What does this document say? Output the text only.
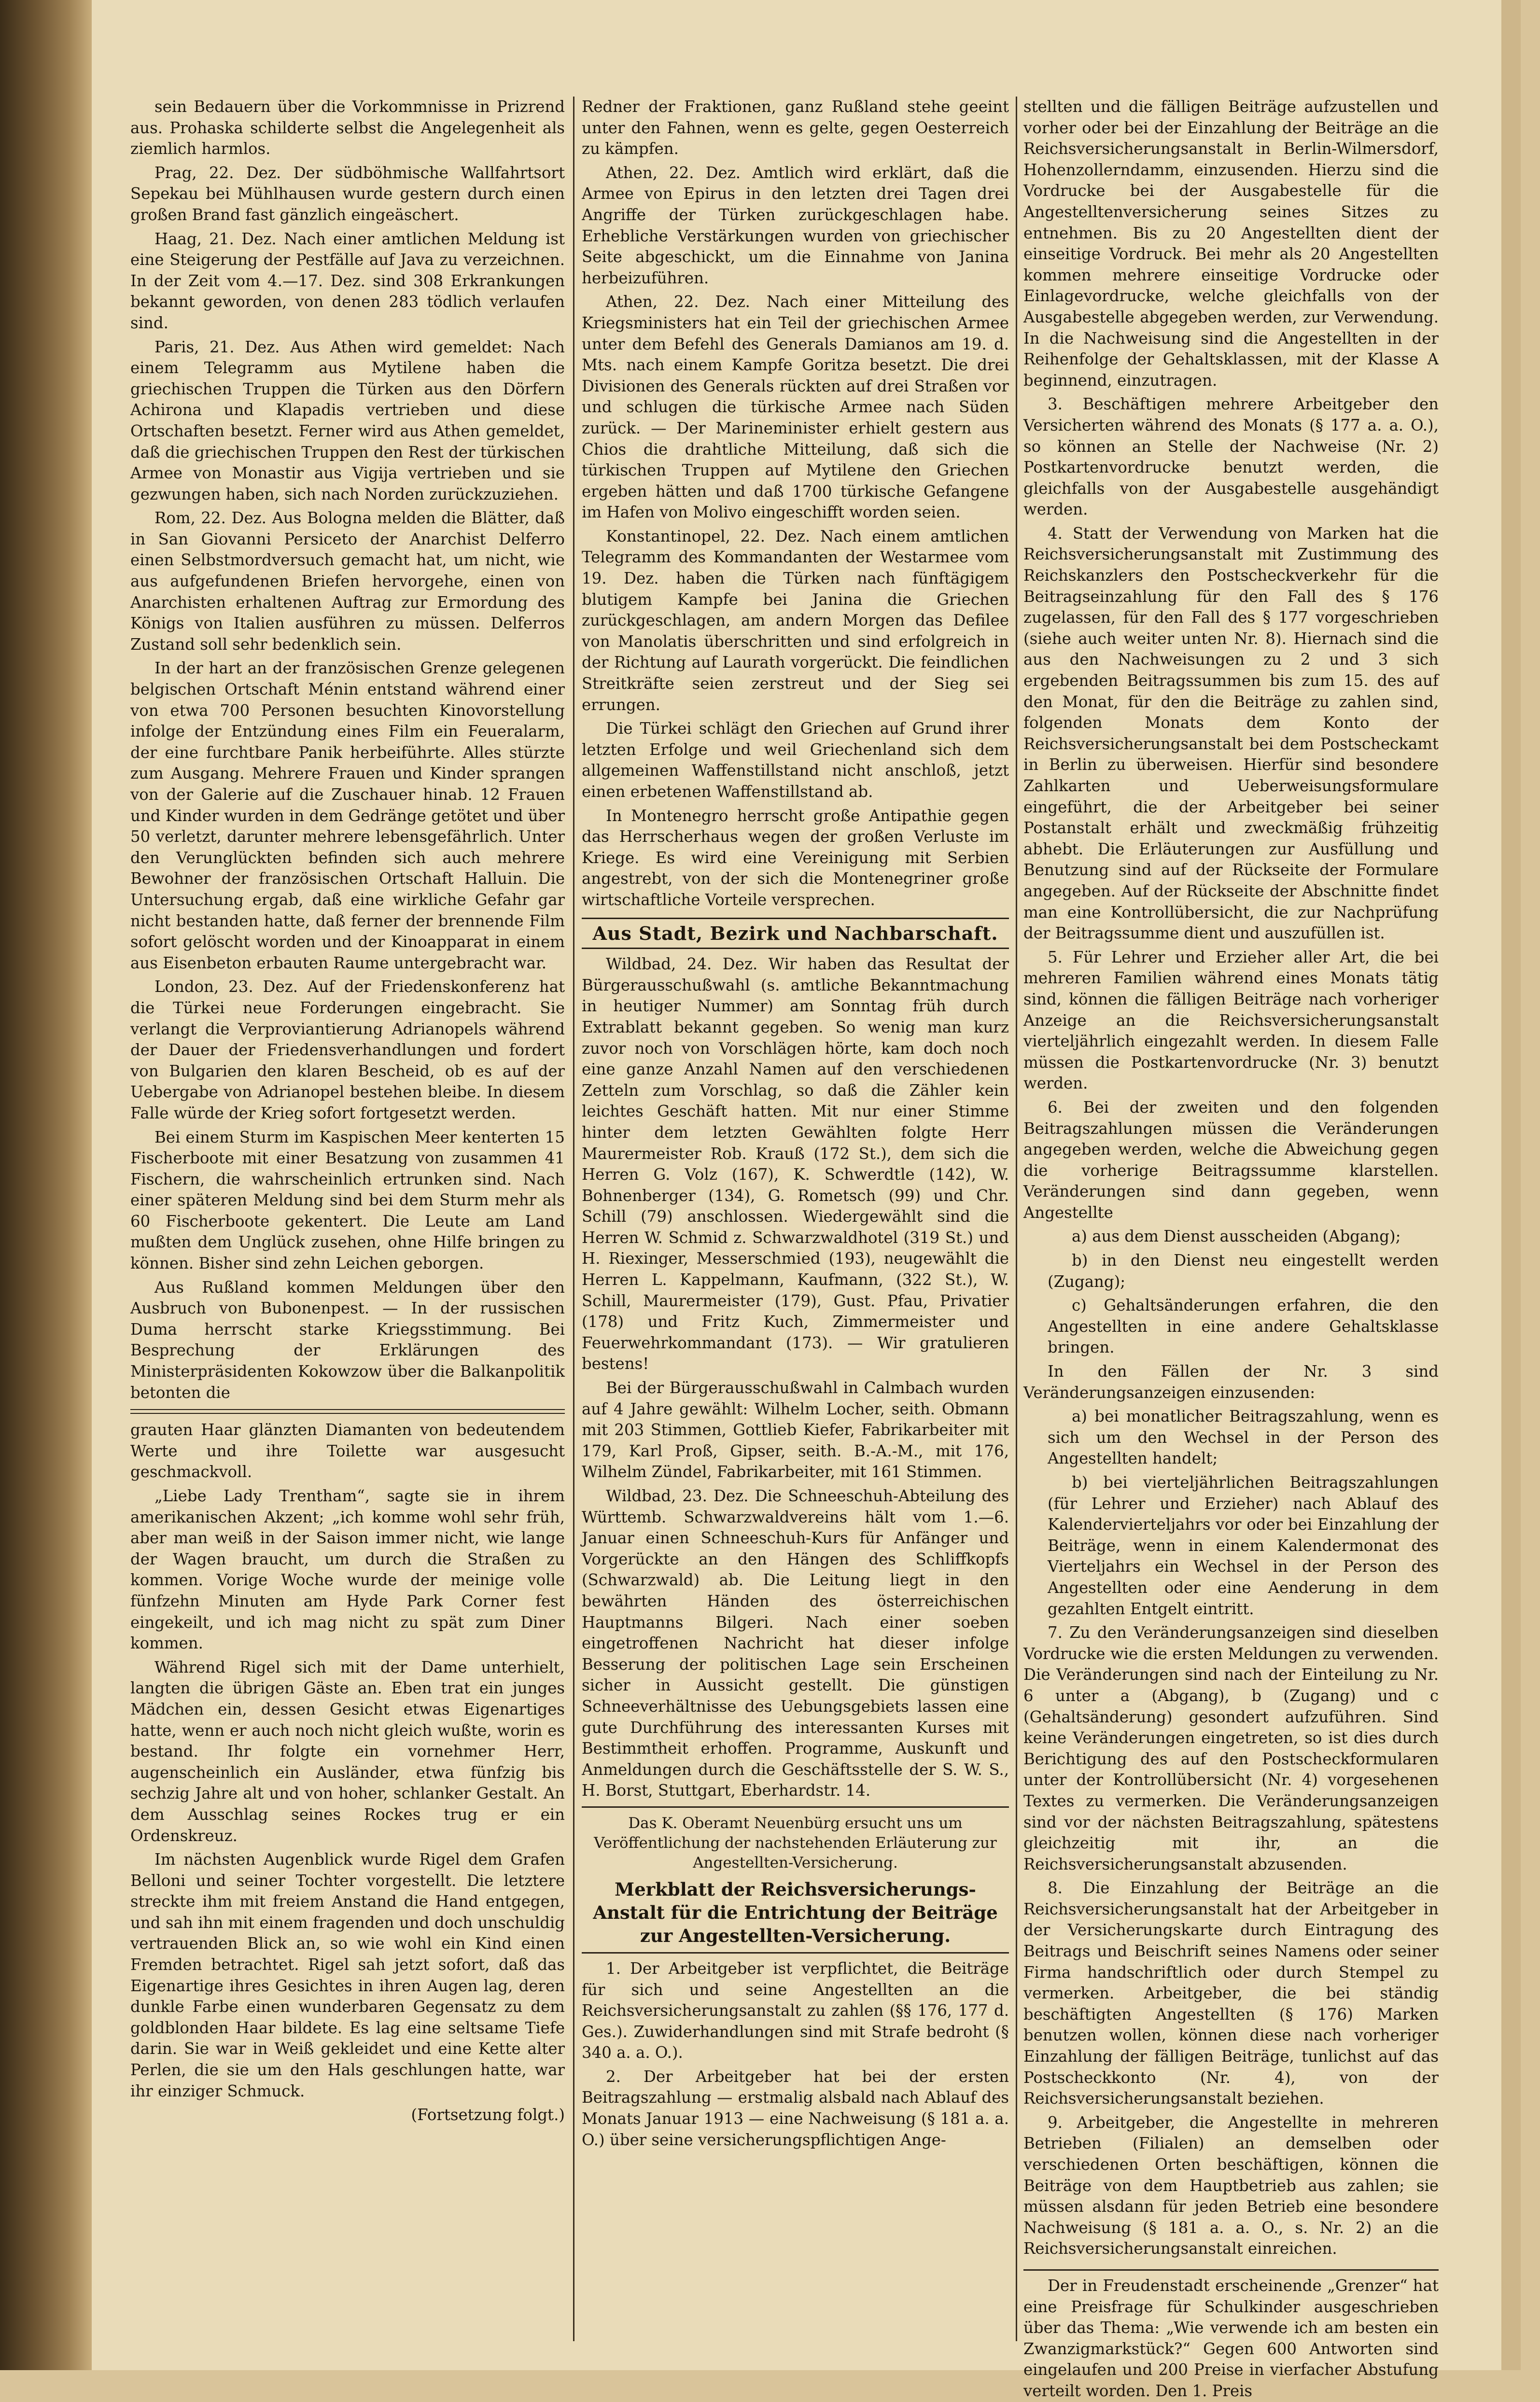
sein Bedauern über die Vorkommnisse in Prizrend aus. Prohaska schilderte selbst die Angelegenheit als ziemlich harmlos.

Prag, 22. Dez. Der südböhmische Wallfahrtsort Sepekau bei Mühlhausen wurde gestern durch einen großen Brand fast gänzlich eingeäschert.

Haag, 21. Dez. Nach einer amtlichen Meldung ist eine Steigerung der Pestfälle auf Java zu verzeichnen. In der Zeit vom 4.—17. Dez. sind 308 Erkrankungen bekannt geworden, von denen 283 tödlich verlaufen sind.

Paris, 21. Dez. Aus Athen wird gemeldet: Nach einem Telegramm aus Mytilene haben die griechischen Truppen die Türken aus den Dörfern Achirona und Klapadis vertrieben und diese Ortschaften besetzt. Ferner wird aus Athen gemeldet, daß die griechischen Truppen den Rest der türkischen Armee von Monastir aus Vigija vertrieben und sie gezwungen haben, sich nach Norden zurückzuziehen.

Rom, 22. Dez. Aus Bologna melden die Blätter, daß in San Giovanni Persiceto der Anarchist Delferro einen Selbstmordversuch gemacht hat, um nicht, wie aus aufgefundenen Briefen hervorgehe, einen von Anarchisten erhaltenen Auftrag zur Ermordung des Königs von Italien ausführen zu müssen. Delferros Zustand soll sehr bedenklich sein.

In der hart an der französischen Grenze gelegenen belgischen Ortschaft Ménin entstand während einer von etwa 700 Personen besuchten Kinovorstellung infolge der Entzündung eines Film ein Feueralarm, der eine furchtbare Panik herbeiführte. Alles stürzte zum Ausgang. Mehrere Frauen und Kinder sprangen von der Galerie auf die Zuschauer hinab. 12 Frauen und Kinder wurden in dem Gedränge getötet und über 50 verletzt, darunter mehrere lebensgefährlich. Unter den Verunglückten befinden sich auch mehrere Bewohner der französischen Ortschaft Halluin. Die Untersuchung ergab, daß eine wirkliche Gefahr gar nicht bestanden hatte, daß ferner der brennende Film sofort gelöscht worden und der Kinoapparat in einem aus Eisenbeton erbauten Raume untergebracht war.

London, 23. Dez. Auf der Friedenskonferenz hat die Türkei neue Forderungen eingebracht. Sie verlangt die Verproviantierung Adrianopels während der Dauer der Friedensverhandlungen und fordert von Bulgarien den klaren Bescheid, ob es auf der Uebergabe von Adrianopel bestehen bleibe. In diesem Falle würde der Krieg sofort fortgesetzt werden.

Bei einem Sturm im Kaspischen Meer kenterten 15 Fischerboote mit einer Besatzung von zusammen 41 Fischern, die wahrscheinlich ertrunken sind. Nach einer späteren Meldung sind bei dem Sturm mehr als 60 Fischerboote gekentert. Die Leute am Land mußten dem Unglück zusehen, ohne Hilfe bringen zu können. Bisher sind zehn Leichen geborgen.

Aus Rußland kommen Meldungen über den Ausbruch von Bubonenpest. — In der russischen Duma herrscht starke Kriegsstimmung. Bei Besprechung der Erklärungen des Ministerpräsidenten Kokowzow über die Balkanpolitik betonten die

grauten Haar glänzten Diamanten von bedeutendem Werte und ihre Toilette war ausgesucht geschmackvoll.

„Liebe Lady Trentham“, sagte sie in ihrem amerikanischen Akzent; „ich komme wohl sehr früh, aber man weiß in der Saison immer nicht, wie lange der Wagen braucht, um durch die Straßen zu kommen. Vorige Woche wurde der meinige volle fünfzehn Minuten am Hyde Park Corner fest eingekeilt, und ich mag nicht zu spät zum Diner kommen.

Während Rigel sich mit der Dame unterhielt, langten die übrigen Gäste an. Eben trat ein junges Mädchen ein, dessen Gesicht etwas Eigenartiges hatte, wenn er auch noch nicht gleich wußte, worin es bestand. Ihr folgte ein vornehmer Herr, augenscheinlich ein Ausländer, etwa fünfzig bis sechzig Jahre alt und von hoher, schlanker Gestalt. An dem Ausschlag seines Rockes trug er ein Ordenskreuz.

Im nächsten Augenblick wurde Rigel dem Grafen Belloni und seiner Tochter vorgestellt. Die letztere streckte ihm mit freiem Anstand die Hand entgegen, und sah ihn mit einem fragenden und doch unschuldig vertrauenden Blick an, so wie wohl ein Kind einen Fremden betrachtet. Rigel sah jetzt sofort, daß das Eigenartige ihres Gesichtes in ihren Augen lag, deren dunkle Farbe einen wunderbaren Gegensatz zu dem goldblonden Haar bildete. Es lag eine seltsame Tiefe darin. Sie war in Weiß gekleidet und eine Kette alter Perlen, die sie um den Hals geschlungen hatte, war ihr einziger Schmuck.

(Fortsetzung folgt.)

Redner der Fraktionen, ganz Rußland stehe geeint unter den Fahnen, wenn es gelte, gegen Oesterreich zu kämpfen.

Athen, 22. Dez. Amtlich wird erklärt, daß die Armee von Epirus in den letzten drei Tagen drei Angriffe der Türken zurückgeschlagen habe. Erhebliche Verstärkungen wurden von griechischer Seite abgeschickt, um die Einnahme von Janina herbeizuführen.

Athen, 22. Dez. Nach einer Mitteilung des Kriegsministers hat ein Teil der griechischen Armee unter dem Befehl des Generals Damianos am 19. d. Mts. nach einem Kampfe Goritza besetzt. Die drei Divisionen des Generals rückten auf drei Straßen vor und schlugen die türkische Armee nach Süden zurück. — Der Marineminister erhielt gestern aus Chios die drahtliche Mitteilung, daß sich die türkischen Truppen auf Mytilene den Griechen ergeben hätten und daß 1700 türkische Gefangene im Hafen von Molivo eingeschifft worden seien.

Konstantinopel, 22. Dez. Nach einem amtlichen Telegramm des Kommandanten der Westarmee vom 19. Dez. haben die Türken nach fünftägigem blutigem Kampfe bei Janina die Griechen zurückgeschlagen, am andern Morgen das Defilee von Manolatis überschritten und sind erfolgreich in der Richtung auf Laurath vorgerückt. Die feindlichen Streitkräfte seien zerstreut und der Sieg sei errungen.

Die Türkei schlägt den Griechen auf Grund ihrer letzten Erfolge und weil Griechenland sich dem allgemeinen Waffenstillstand nicht anschloß, jetzt einen erbetenen Waffenstillstand ab.

In Montenegro herrscht große Antipathie gegen das Herrscherhaus wegen der großen Verluste im Kriege. Es wird eine Vereinigung mit Serbien angestrebt, von der sich die Montenegriner große wirtschaftliche Vorteile versprechen.

Aus Stadt, Bezirk und Nachbarschaft.

Wildbad, 24. Dez. Wir haben das Resultat der Bürgerausschußwahl (s. amtliche Bekanntmachung in heutiger Nummer) am Sonntag früh durch Extrablatt bekannt gegeben. So wenig man kurz zuvor noch von Vorschlägen hörte, kam doch noch eine ganze Anzahl Namen auf den verschiedenen Zetteln zum Vorschlag, so daß die Zähler kein leichtes Geschäft hatten. Mit nur einer Stimme hinter dem letzten Gewählten folgte Herr Maurermeister Rob. Krauß (172 St.), dem sich die Herren G. Volz (167), K. Schwerdtle (142), W. Bohnenberger (134), G. Rometsch (99) und Chr. Schill (79) anschlossen. Wiedergewählt sind die Herren W. Schmid z. Schwarzwaldhotel (319 St.) und H. Riexinger, Messerschmied (193), neugewählt die Herren L. Kappelmann, Kaufmann, (322 St.), W. Schill, Maurermeister (179), Gust. Pfau, Privatier (178) und Fritz Kuch, Zimmermeister und Feuerwehrkommandant (173). — Wir gratulieren bestens!

Bei der Bürgerausschußwahl in Calmbach wurden auf 4 Jahre gewählt: Wilhelm Locher, seith. Obmann mit 203 Stimmen, Gottlieb Kiefer, Fabrikarbeiter mit 179, Karl Proß, Gipser, seith. B.-A.-M., mit 176, Wilhelm Zündel, Fabrikarbeiter, mit 161 Stimmen.

Wildbad, 23. Dez. Die Schneeschuh-Abteilung des Württemb. Schwarzwaldvereins hält vom 1.—6. Januar einen Schneeschuh-Kurs für Anfänger und Vorgerückte an den Hängen des Schliffkopfs (Schwarzwald) ab. Die Leitung liegt in den bewährten Händen des österreichischen Hauptmanns Bilgeri. Nach einer soeben eingetroffenen Nachricht hat dieser infolge Besserung der politischen Lage sein Erscheinen sicher in Aussicht gestellt. Die günstigen Schneeverhältnisse des Uebungsgebiets lassen eine gute Durchführung des interessanten Kurses mit Bestimmtheit erhoffen. Programme, Auskunft und Anmeldungen durch die Geschäftsstelle der S. W. S., H. Borst, Stuttgart, Eberhardstr. 14.

Das K. Oberamt Neuenbürg ersucht uns um Veröffentlichung der nachstehenden Erläuterung zur Angestellten-Versicherung.
Merkblatt der Reichsversicherungs-Anstalt für die Entrichtung der Beiträge zur Angestellten-Versicherung.

1. Der Arbeitgeber ist verpflichtet, die Beiträge für sich und seine Angestellten an die Reichsversicherungsanstalt zu zahlen (§§ 176, 177 d. Ges.). Zuwiderhandlungen sind mit Strafe bedroht (§ 340 a. a. O.).

2. Der Arbeitgeber hat bei der ersten Beitragszahlung — erstmalig alsbald nach Ablauf des Monats Januar 1913 — eine Nachweisung (§ 181 a. a. O.) über seine versicherungspflichtigen Ange-

stellten und die fälligen Beiträge aufzustellen und vorher oder bei der Einzahlung der Beiträge an die Reichsversicherungsanstalt in Berlin-Wilmersdorf, Hohenzollerndamm, einzusenden. Hierzu sind die Vordrucke bei der Ausgabestelle für die Angestelltenversicherung seines Sitzes zu entnehmen. Bis zu 20 Angestellten dient der einseitige Vordruck. Bei mehr als 20 Angestellten kommen mehrere einseitige Vordrucke oder Einlagevordrucke, welche gleichfalls von der Ausgabestelle abgegeben werden, zur Verwendung. In die Nachweisung sind die Angestellten in der Reihenfolge der Gehaltsklassen, mit der Klasse A beginnend, einzutragen.

3. Beschäftigen mehrere Arbeitgeber den Versicherten während des Monats (§ 177 a. a. O.), so können an Stelle der Nachweise (Nr. 2) Postkartenvordrucke benutzt werden, die gleichfalls von der Ausgabestelle ausgehändigt werden.

4. Statt der Verwendung von Marken hat die Reichsversicherungsanstalt mit Zustimmung des Reichskanzlers den Postscheckverkehr für die Beitragseinzahlung für den Fall des § 176 zugelassen, für den Fall des § 177 vorgeschrieben (siehe auch weiter unten Nr. 8). Hiernach sind die aus den Nachweisungen zu 2 und 3 sich ergebenden Beitragssummen bis zum 15. des auf den Monat, für den die Beiträge zu zahlen sind, folgenden Monats dem Konto der Reichsversicherungsanstalt bei dem Postscheckamt in Berlin zu überweisen. Hierfür sind besondere Zahlkarten und Ueberweisungsformulare eingeführt, die der Arbeitgeber bei seiner Postanstalt erhält und zweckmäßig frühzeitig abhebt. Die Erläuterungen zur Ausfüllung und Benutzung sind auf der Rückseite der Formulare angegeben. Auf der Rückseite der Abschnitte findet man eine Kontrollübersicht, die zur Nachprüfung der Beitragssumme dient und auszufüllen ist.

5. Für Lehrer und Erzieher aller Art, die bei mehreren Familien während eines Monats tätig sind, können die fälligen Beiträge nach vorheriger Anzeige an die Reichsversicherungsanstalt vierteljährlich eingezahlt werden. In diesem Falle müssen die Postkartenvordrucke (Nr. 3) benutzt werden.

6. Bei der zweiten und den folgenden Beitragszahlungen müssen die Veränderungen angegeben werden, welche die Abweichung gegen die vorherige Beitragssumme klarstellen. Veränderungen sind dann gegeben, wenn Angestellte

a) aus dem Dienst ausscheiden (Abgang);

b) in den Dienst neu eingestellt werden (Zugang);

c) Gehaltsänderungen erfahren, die den Angestellten in eine andere Gehaltsklasse bringen.

In den Fällen der Nr. 3 sind Veränderungsanzeigen einzusenden:

a) bei monatlicher Beitragszahlung, wenn es sich um den Wechsel in der Person des Angestellten handelt;

b) bei vierteljährlichen Beitragszahlungen (für Lehrer und Erzieher) nach Ablauf des Kalendervierteljahrs vor oder bei Einzahlung der Beiträge, wenn in einem Kalendermonat des Vierteljahrs ein Wechsel in der Person des Angestellten oder eine Aenderung in dem gezahlten Entgelt eintritt.

7. Zu den Veränderungsanzeigen sind dieselben Vordrucke wie die ersten Meldungen zu verwenden. Die Veränderungen sind nach der Einteilung zu Nr. 6 unter a (Abgang), b (Zugang) und c (Gehaltsänderung) gesondert aufzuführen. Sind keine Veränderungen eingetreten, so ist dies durch Berichtigung des auf den Postscheckformularen unter der Kontrollübersicht (Nr. 4) vorgesehenen Textes zu vermerken. Die Veränderungsanzeigen sind vor der nächsten Beitragszahlung, spätestens gleichzeitig mit ihr, an die Reichsversicherungsanstalt abzusenden.

8. Die Einzahlung der Beiträge an die Reichsversicherungsanstalt hat der Arbeitgeber in der Versicherungskarte durch Eintragung des Beitrags und Beischrift seines Namens oder seiner Firma handschriftlich oder durch Stempel zu vermerken. Arbeitgeber, die bei ständig beschäftigten Angestellten (§ 176) Marken benutzen wollen, können diese nach vorheriger Einzahlung der fälligen Beiträge, tunlichst auf das Postscheckkonto (Nr. 4), von der Reichsversicherungsanstalt beziehen.

9. Arbeitgeber, die Angestellte in mehreren Betrieben (Filialen) an demselben oder verschiedenen Orten beschäftigen, können die Beiträge von dem Hauptbetrieb aus zahlen; sie müssen alsdann für jeden Betrieb eine besondere Nachweisung (§ 181 a. a. O., s. Nr. 2) an die Reichsversicherungsanstalt einreichen.

Der in Freudenstadt erscheinende „Grenzer“ hat eine Preisfrage für Schulkinder ausgeschrieben über das Thema: „Wie verwende ich am besten ein Zwanzigmarkstück?“ Gegen 600 Antworten sind eingelaufen und 200 Preise in vierfacher Abstufung verteilt worden. Den 1. Preis
